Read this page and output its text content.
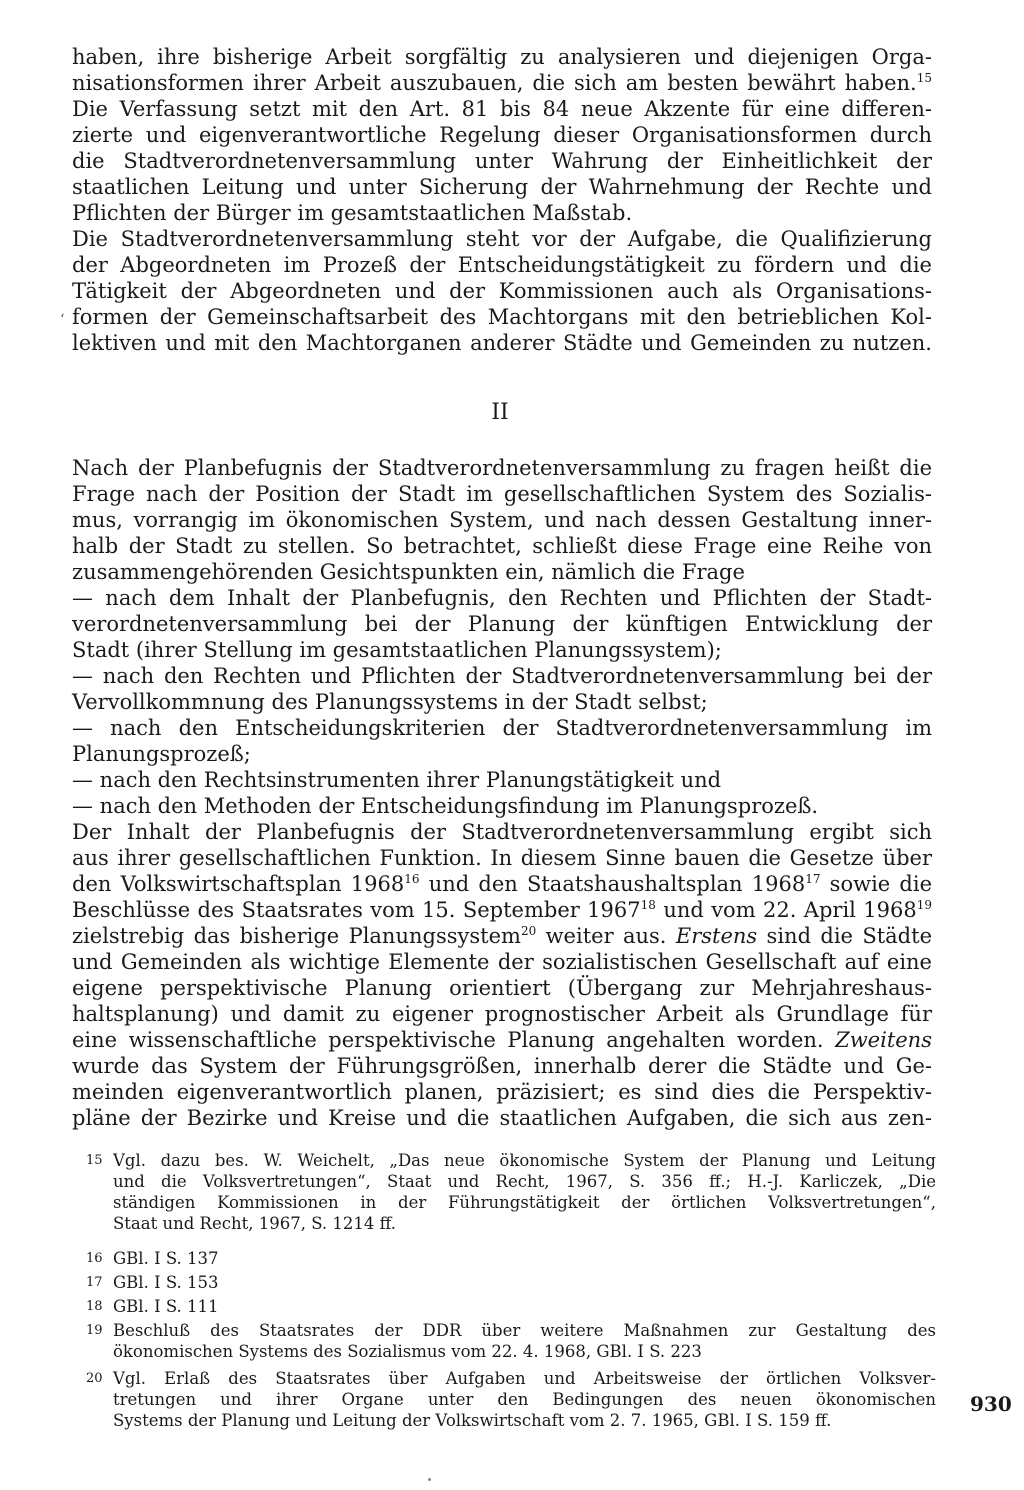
haben, ihre bisherige Arbeit sorgfältig zu analysieren und diejenigen Orga-
nisationsformen ihrer Arbeit auszubauen, die sich am besten bewährt haben.$^{15}$
Die Verfassung setzt mit den Art. 81 bis 84 neue Akzente für eine differen-
zierte und eigenverantwortliche Regelung dieser Organisationsformen durch
die Stadtverordnetenversammlung unter Wahrung der Einheitlichkeit der
staatlichen Leitung und unter Sicherung der Wahrnehmung der Rechte und
Pflichten der Bürger im gesamtstaatlichen Maßstab.
Die Stadtverordnetenversammlung steht vor der Aufgabe, die Qualifizierung
der Abgeordneten im Prozeß der Entscheidungstätigkeit zu fördern und die
Tätigkeit der Abgeordneten und der Kommissionen auch als Organisations-
formen der Gemeinschaftsarbeit des Machtorgans mit den betrieblichen Kol-
lektiven und mit den Machtorganen anderer Städte und Gemeinden zu nutzen.
ʻ
II
Nach der Planbefugnis der Stadtverordnetenversammlung zu fragen heißt die
Frage nach der Position der Stadt im gesellschaftlichen System des Sozialis-
mus, vorrangig im ökonomischen System, und nach dessen Gestaltung inner-
halb der Stadt zu stellen. So betrachtet, schließt diese Frage eine Reihe von
zusammengehörenden Gesichtspunkten ein, nämlich die Frage
— nach dem Inhalt der Planbefugnis, den Rechten und Pflichten der Stadt-
verordnetenversammlung bei der Planung der künftigen Entwicklung der
Stadt (ihrer Stellung im gesamtstaatlichen Planungssystem);
— nach den Rechten und Pflichten der Stadtverordnetenversammlung bei der
Vervollkommnung des Planungssystems in der Stadt selbst;
— nach den Entscheidungskriterien der Stadtverordnetenversammlung im
Planungsprozeß;
— nach den Rechtsinstrumenten ihrer Planungstätigkeit und
— nach den Methoden der Entscheidungsfindung im Planungsprozeß.
Der Inhalt der Planbefugnis der Stadtverordnetenversammlung ergibt sich
aus ihrer gesellschaftlichen Funktion. In diesem Sinne bauen die Gesetze über
den Volkswirtschaftsplan 1968$^{16}$ und den Staatshaushaltsplan 1968$^{17}$ sowie die
Beschlüsse des Staatsrates vom 15. September 1967$^{18}$ und vom 22. April 1968$^{19}$
zielstrebig das bisherige Planungssystem$^{20}$ weiter aus. Erstens sind die Städte
und Gemeinden als wichtige Elemente der sozialistischen Gesellschaft auf eine
eigene perspektivische Planung orientiert (Übergang zur Mehrjahreshaus-
haltsplanung) und damit zu eigener prognostischer Arbeit als Grundlage für
eine wissenschaftliche perspektivische Planung angehalten worden. Zweitens
wurde das System der Führungsgrößen, innerhalb derer die Städte und Ge-
meinden eigenverantwortlich planen, präzisiert; es sind dies die Perspektiv-
pläne der Bezirke und Kreise und die staatlichen Aufgaben, die sich aus zen-
15 Vgl. dazu bes. W. Weichelt, „Das neue ökonomische System der Planung und Leitung
und die Volksvertretungen“, Staat und Recht, 1967, S. 356 ff.; H.-J. Karliczek, „Die
ständigen Kommissionen in der Führungstätigkeit der örtlichen Volksvertretungen“,
Staat und Recht, 1967, S. 1214 ff.
16 GBl. I S. 137
17 GBl. I S. 153
18 GBl. I S. 111
19 Beschluß des Staatsrates der DDR über weitere Maßnahmen zur Gestaltung des
ökonomischen Systems des Sozialismus vom 22. 4. 1968, GBl. I S. 223
20 Vgl. Erlaß des Staatsrates über Aufgaben und Arbeitsweise der örtlichen Volksver-
tretungen und ihrer Organe unter den Bedingungen des neuen ökonomischen
Systems der Planung und Leitung der Volkswirtschaft vom 2. 7. 1965, GBl. I S. 159 ff.
930
